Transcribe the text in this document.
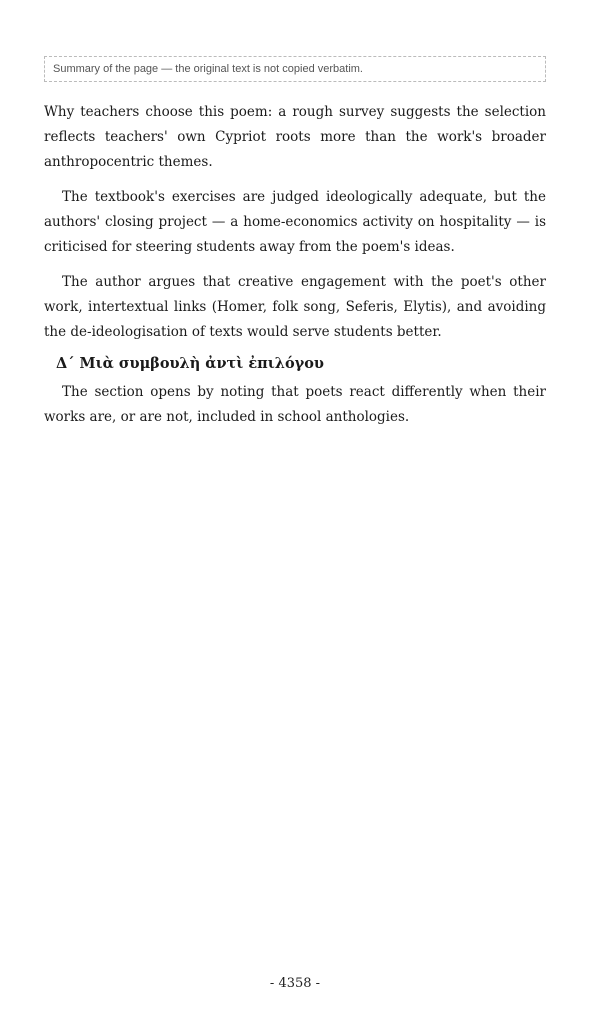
Summary of the page — the original text is not copied verbatim.

Why teachers choose this poem: a rough survey suggests the selection reflects teachers' own Cypriot roots more than the work's broader anthropocentric themes.

The textbook's exercises are judged ideologically adequate, but the authors' closing project — a home-economics activity on hospitality — is criticised for steering students away from the poem's ideas.

The author argues that creative engagement with the poet's other work, intertextual links (Homer, folk song, Seferis, Elytis), and avoiding the de-ideologisation of texts would serve students better.

Δ΄ Μιὰ συμβουλὴ ἀντὶ ἐπιλόγου

The section opens by noting that poets react differently when their works are, or are not, included in school anthologies.

- 4358 -
